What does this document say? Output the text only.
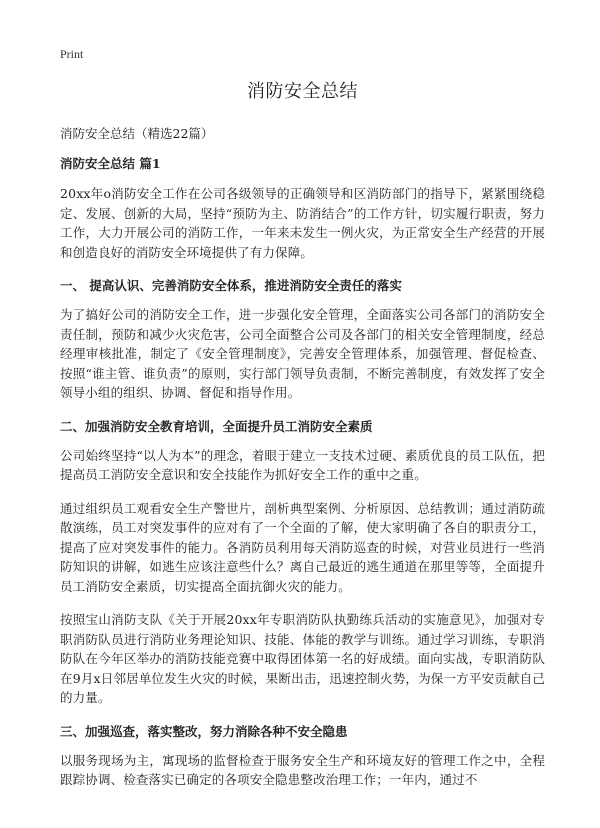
Print
消防安全总结
消防安全总结（精选22篇）
消防安全总结 篇1

20xx年o消防安全工作在公司各级领导的正确领导和区消防部门的指导下，紧紧围绕稳定、发展、创新的大局，坚持“预防为主、防消结合”的工作方针，切实履行职责，努力工作，大力开展公司的消防工作，一年来未发生一例火灾，为正常安全生产经营的开展和创造良好的消防安全环境提供了有力保障。

一、 提高认识、完善消防安全体系，推进消防安全责任的落实

为了搞好公司的消防安全工作，进一步强化安全管理，全面落实公司各部门的消防安全责任制，预防和减少火灾危害，公司全面整合公司及各部门的相关安全管理制度，经总经理审核批准，制定了《安全管理制度》，完善安全管理体系，加强管理、督促检查、按照“谁主管、谁负责”的原则，实行部门领导负责制，不断完善制度，有效发挥了安全领导小组的组织、协调、督促和指导作用。

二、加强消防安全教育培训，全面提升员工消防安全素质

公司始终坚持“以人为本”的理念，着眼于建立一支技术过硬、素质优良的员工队伍，把提高员工消防安全意识和安全技能作为抓好安全工作的重中之重。

通过组织员工观看安全生产警世片，剖析典型案例、分析原因、总结教训；通过消防疏散演练，员工对突发事件的应对有了一个全面的了解，使大家明确了各自的职责分工，提高了应对突发事件的能力。各消防员利用每天消防巡查的时候，对营业员进行一些消防知识的讲解，如逃生应该注意些什么？离自己最近的逃生通道在那里等等，全面提升员工消防安全素质，切实提高全面抗御火灾的能力。

按照宝山消防支队《关于开展20xx年专职消防队执勤练兵活动的实施意见》，加强对专职消防队员进行消防业务理论知识、技能、体能的教学与训练。通过学习训练，专职消防队在今年区举办的消防技能竞赛中取得团体第一名的好成绩。面向实战，专职消防队在9月x日邻居单位发生火灾的时候，果断出击，迅速控制火势，为保一方平安贡献自己的力量。

三、加强巡查，落实整改，努力消除各种不安全隐患

以服务现场为主，寓现场的监督检查于服务安全生产和环境友好的管理工作之中，全程跟踪协调、检查落实已确定的各项安全隐患整改治理工作；一年内，通过不
